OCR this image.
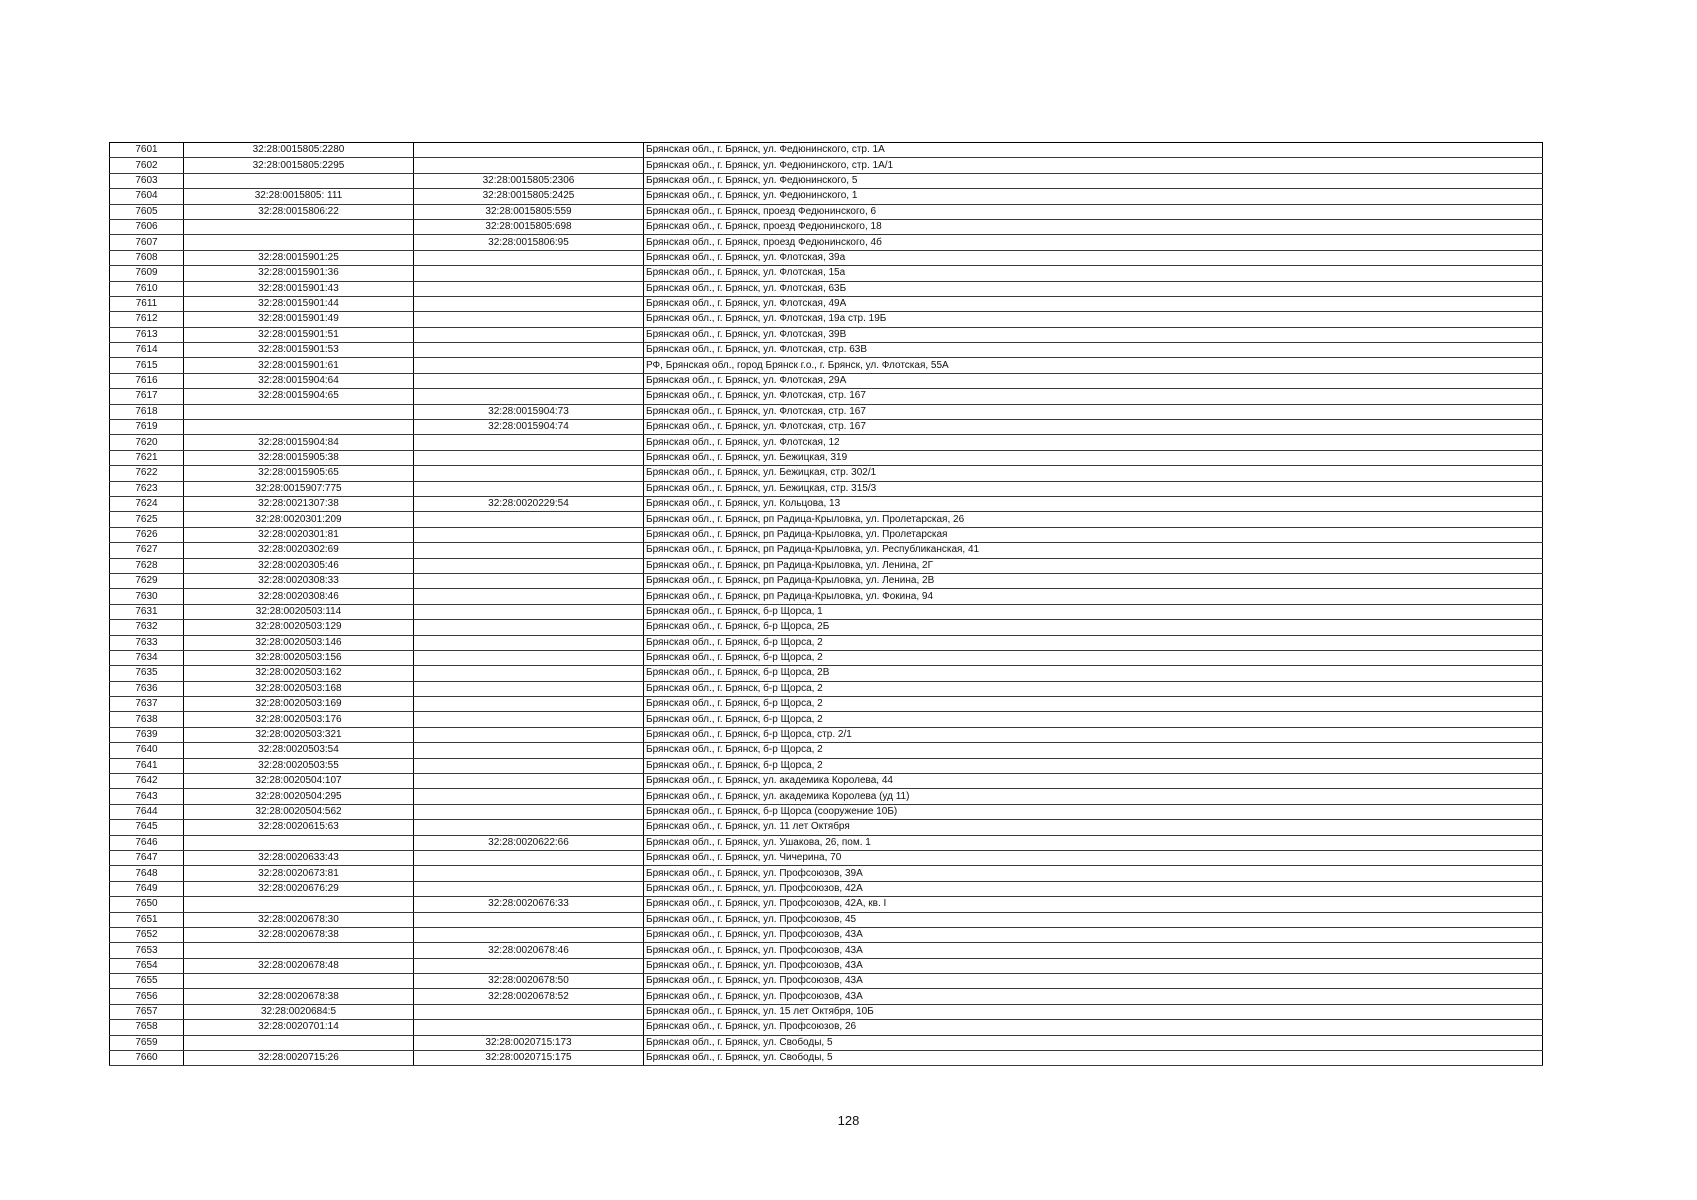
7601	32:28:0015805:2280		Брянская обл., г. Брянск, ул. Федюнинского, стр. 1А
7602	32:28:0015805:2295		Брянская обл., г. Брянск, ул. Федюнинского, стр. 1А/1
7603		32:28:0015805:2306	Брянская обл., г. Брянск, ул. Федюнинского, 5
7604	32:28:0015805: 111	32:28:0015805:2425	Брянская обл., г. Брянск, ул. Федюнинского, 1
7605	32:28:0015806:22	32:28:0015805:559	Брянская обл., г. Брянск, проезд Федюнинского, 6
7606		32:28:0015805:698	Брянская обл., г. Брянск, проезд Федюнинского, 18
7607		32:28:0015806:95	Брянская обл., г. Брянск, проезд Федюнинского, 4б
7608	32:28:0015901:25		Брянская обл., г. Брянск, ул. Флотская, 39а
7609	32:28:0015901:36		Брянская обл., г. Брянск, ул. Флотская, 15а
7610	32:28:0015901:43		Брянская обл., г. Брянск, ул. Флотская, 63Б
7611	32:28:0015901:44		Брянская обл., г. Брянск, ул. Флотская, 49А
7612	32:28:0015901:49		Брянская обл., г. Брянск, ул. Флотская, 19а стр. 19Б
7613	32:28:0015901:51		Брянская обл., г. Брянск, ул. Флотская, 39В
7614	32:28:0015901:53		Брянская обл., г. Брянск, ул. Флотская, стр. 63В
7615	32:28:0015901:61		РФ, Брянская обл., город Брянск г.о., г. Брянск, ул. Флотская, 55А
7616	32:28:0015904:64		Брянская обл., г. Брянск, ул. Флотская, 29А
7617	32:28:0015904:65		Брянская обл., г. Брянск, ул. Флотская, стр. 167
7618		32:28:0015904:73	Брянская обл., г. Брянск, ул. Флотская, стр. 167
7619		32:28:0015904:74	Брянская обл., г. Брянск, ул. Флотская, стр. 167
7620	32:28:0015904:84		Брянская обл., г. Брянск, ул. Флотская, 12
7621	32:28:0015905:38		Брянская обл., г. Брянск, ул. Бежицкая, 319
7622	32:28:0015905:65		Брянская обл., г. Брянск, ул. Бежицкая, стр. 302/1
7623	32:28:0015907:775		Брянская обл., г. Брянск, ул. Бежицкая, стр. 315/3
7624	32:28:0021307:38	32:28:0020229:54	Брянская обл., г. Брянск, ул. Кольцова, 13
7625	32:28:0020301:209		Брянская обл., г. Брянск, рп Радица-Крыловка, ул. Пролетарская, 26
7626	32:28:0020301:81		Брянская обл., г. Брянск, рп Радица-Крыловка, ул. Пролетарская
7627	32:28:0020302:69		Брянская обл., г. Брянск, рп Радица-Крыловка, ул. Республиканская, 41
7628	32:28:0020305:46		Брянская обл., г. Брянск, рп Радица-Крыловка, ул. Ленина, 2Г
7629	32:28:0020308:33		Брянская обл., г. Брянск, рп Радица-Крыловка, ул. Ленина, 2В
7630	32:28:0020308:46		Брянская обл., г. Брянск, рп Радица-Крыловка, ул. Фокина, 94
7631	32:28:0020503:114		Брянская обл., г. Брянск, б-р Щорса, 1
7632	32:28:0020503:129		Брянская обл., г. Брянск, б-р Щорса, 2Б
7633	32:28:0020503:146		Брянская обл., г. Брянск, б-р Щорса, 2
7634	32:28:0020503:156		Брянская обл., г. Брянск, б-р Щорса, 2
7635	32:28:0020503:162		Брянская обл., г. Брянск, б-р Щорса, 2В
7636	32:28:0020503:168		Брянская обл., г. Брянск, б-р Щорса, 2
7637	32:28:0020503:169		Брянская обл., г. Брянск, б-р Щорса, 2
7638	32:28:0020503:176		Брянская обл., г. Брянск, б-р Щорса, 2
7639	32:28:0020503:321		Брянская обл., г. Брянск, б-р Щорса, стр. 2/1
7640	32:28:0020503:54		Брянская обл., г. Брянск, б-р Щорса, 2
7641	32:28:0020503:55		Брянская обл., г. Брянск, б-р Щорса, 2
7642	32:28:0020504:107		Брянская обл., г. Брянск, ул. академика Королева, 44
7643	32:28:0020504:295		Брянская обл., г. Брянск, ул. академика Королева (уд 11)
7644	32:28:0020504:562		Брянская обл., г. Брянск, б-р Щорса (сооружение 10Б)
7645	32:28:0020615:63		Брянская обл., г. Брянск, ул. 11 лет Октября
7646		32:28:0020622:66	Брянская обл., г. Брянск, ул. Ушакова, 26, пом. 1
7647	32:28:0020633:43		Брянская обл., г. Брянск, ул. Чичерина, 70
7648	32:28:0020673:81		Брянская обл., г. Брянск, ул. Профсоюзов, 39А
7649	32:28:0020676:29		Брянская обл., г. Брянск, ул. Профсоюзов, 42А
7650		32:28:0020676:33	Брянская обл., г. Брянск, ул. Профсоюзов, 42А, кв. I
7651	32:28:0020678:30		Брянская обл., г. Брянск, ул. Профсоюзов, 45
7652	32:28:0020678:38		Брянская обл., г. Брянск, ул. Профсоюзов, 43А
7653		32:28:0020678:46	Брянская обл., г. Брянск, ул. Профсоюзов, 43А
7654	32:28:0020678:48		Брянская обл., г. Брянск, ул. Профсоюзов, 43А
7655		32:28:0020678:50	Брянская обл., г. Брянск, ул. Профсоюзов, 43А
7656	32:28:0020678:38	32:28:0020678:52	Брянская обл., г. Брянск, ул. Профсоюзов, 43А
7657	32:28:0020684:5		Брянская обл., г. Брянск, ул. 15 лет Октября, 10Б
7658	32:28:0020701:14		Брянская обл., г. Брянск, ул. Профсоюзов, 26
7659		32:28:0020715:173	Брянская обл., г. Брянск, ул. Свободы, 5
7660	32:28:0020715:26	32:28:0020715:175	Брянская обл., г. Брянск, ул. Свободы, 5
128
